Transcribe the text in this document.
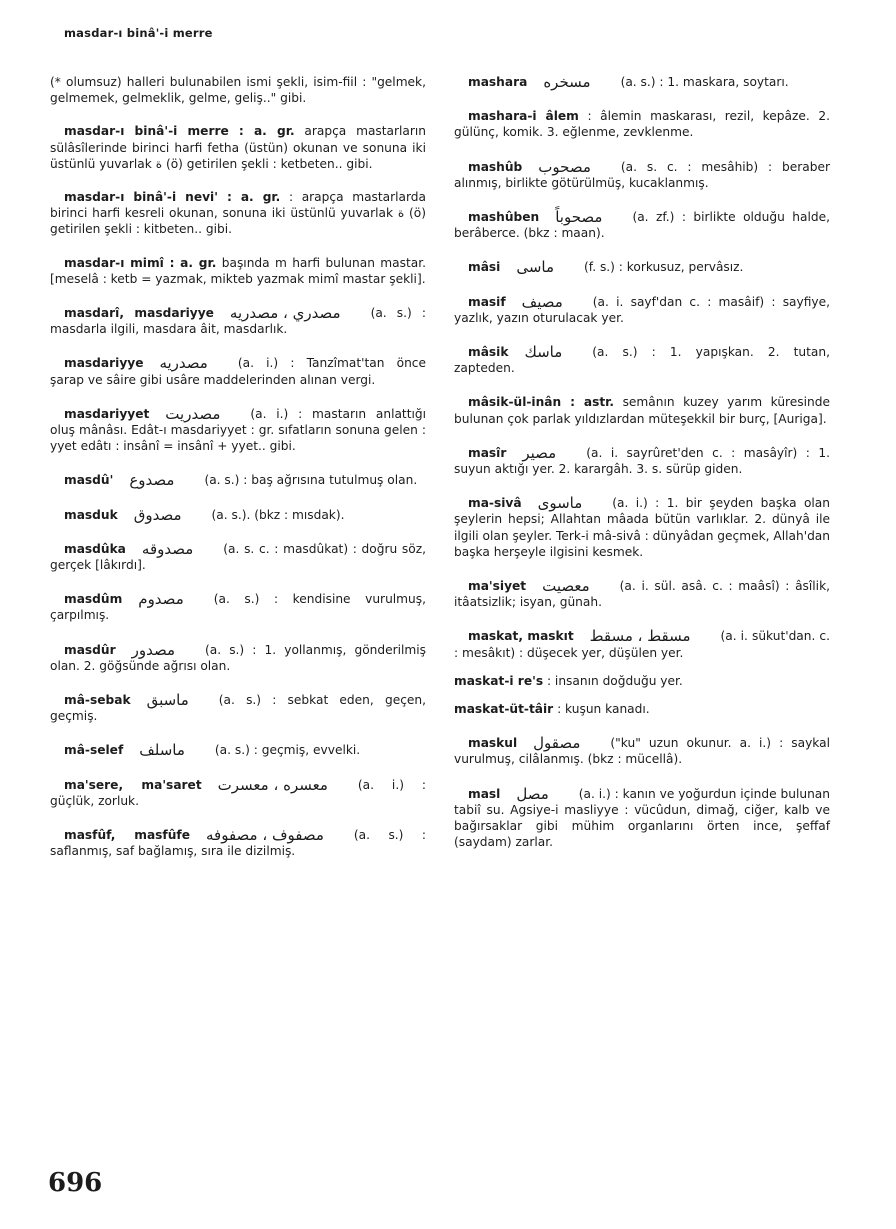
masdar-ı binâ'-i merre

(* olumsuz) halleri bulunabilen ismi şekli, isim-fiil : "gelmek, gelmemek, gelmeklik, gelme, geliş.." gibi.

masdar-ı binâ'-i merre : a. gr. arapça mastarların sülâsîlerinde birinci harfi fetha (üstün) okunan ve sonuna iki üstünlü yuvarlak ة (ö) getirilen şekli : ketbeten.. gibi.

masdar-ı binâ'-i nevi' : a. gr. : arapça mastarlarda birinci harfi kesreli okunan, sonuna iki üstünlü yuvarlak ة (ö) getirilen şekli : kitbeten.. gibi.

masdar-ı mimî : a. gr. başında m harfi bulunan mastar. [meselâ : ketb = yazmak, mikteb yazmak mimî mastar şekli].

masdarî, masdariyye مصدري ، مصدريه (a. s.) : masdarla ilgili, masdara âit, masdarlık.

masdariyye مصدريه (a. i.) : Tanzîmat'tan önce şarap ve sâire gibi usâre maddelerinden alınan vergi.

masdariyyet مصدريت (a. i.) : mastarın anlattığı oluş mânâsı. Edât-ı masdariyyet : gr. sıfatların sonuna gelen : yyet edâtı : insânî = insânî + yyet.. gibi.

masdû' مصدوع (a. s.) : baş ağrısına tutulmuş olan.

masduk مصدوق (a. s.). (bkz : mısdak).

masdûka مصدوقه (a. s. c. : masdûkat) : doğru söz, gerçek [lâkırdı].

masdûm مصدوم (a. s.) : kendisine vurulmuş, çarpılmış.

masdûr مصدور (a. s.) : 1. yollanmış, gönderilmiş olan. 2. göğsünde ağrısı olan.

mâ-sebak ماسبق (a. s.) : sebkat eden, geçen, geçmiş.

mâ-selef ماسلف (a. s.) : geçmiş, evvelki.

ma'sere, ma'saret معسره ، معسرت (a. i.) : güçlük, zorluk.

masfûf, masfûfe مصفوف ، مصفوفه (a. s.) : saflanmış, saf bağlamış, sıra ile dizilmiş.

mashara مسخره (a. s.) : 1. maskara, soytarı.

mashara-i âlem : âlemin maskarası, rezil, kepâze. 2. gülünç, komik. 3. eğlenme, zevklenme.

mashûb مصحوب (a. s. c. : mesâhib) : beraber alınmış, birlikte götürülmüş, kucaklanmış.

mashûben مصحوباً (a. zf.) : birlikte olduğu halde, berâberce. (bkz : maan).

mâsi ماسى (f. s.) : korkusuz, pervâsız.

masif مصيف (a. i. sayf'dan c. : masâif) : sayfiye, yazlık, yazın oturulacak yer.

mâsik ماسك (a. s.) : 1. yapışkan. 2. tutan, zapteden.

mâsik-ül-inân : astr. semânın kuzey yarım küresinde bulunan çok parlak yıldızlardan müteşekkil bir burç, [Auriga].

masîr مصير (a. i. sayrûret'den c. : masâyîr) : 1. suyun aktığı yer. 2. karargâh. 3. s. sürüp giden.

ma-sivâ ماسوى (a. i.) : 1. bir şeyden başka olan şeylerin hepsi; Allahtan mâada bütün varlıklar. 2. dünyâ ile ilgili olan şeyler. Terk-i mâ-sivâ : dünyâdan geçmek, Allah'dan başka herşeyle ilgisini kesmek.

ma'siyet معصيت (a. i. sül. asâ. c. : maâsî) : âsîlik, itâatsizlik; isyan, günah.

maskat, maskıt مسقط ، مسقط (a. i. sükut'dan. c. : mesâkıt) : düşecek yer, düşülen yer.

maskat-i re's : insanın doğduğu yer.

maskat-üt-tâir : kuşun kanadı.

maskul مصقول ("ku" uzun okunur. a. i.) : saykal vurulmuş, cilâlanmış. (bkz : mücellâ).

masl مصل (a. i.) : kanın ve yoğurdun içinde bulunan tabiî su. Agsiye-i masliyye : vücûdun, dimağ, ciğer, kalb ve bağırsaklar gibi mühim organlarını örten ince, şeffaf (saydam) zarlar.

696
